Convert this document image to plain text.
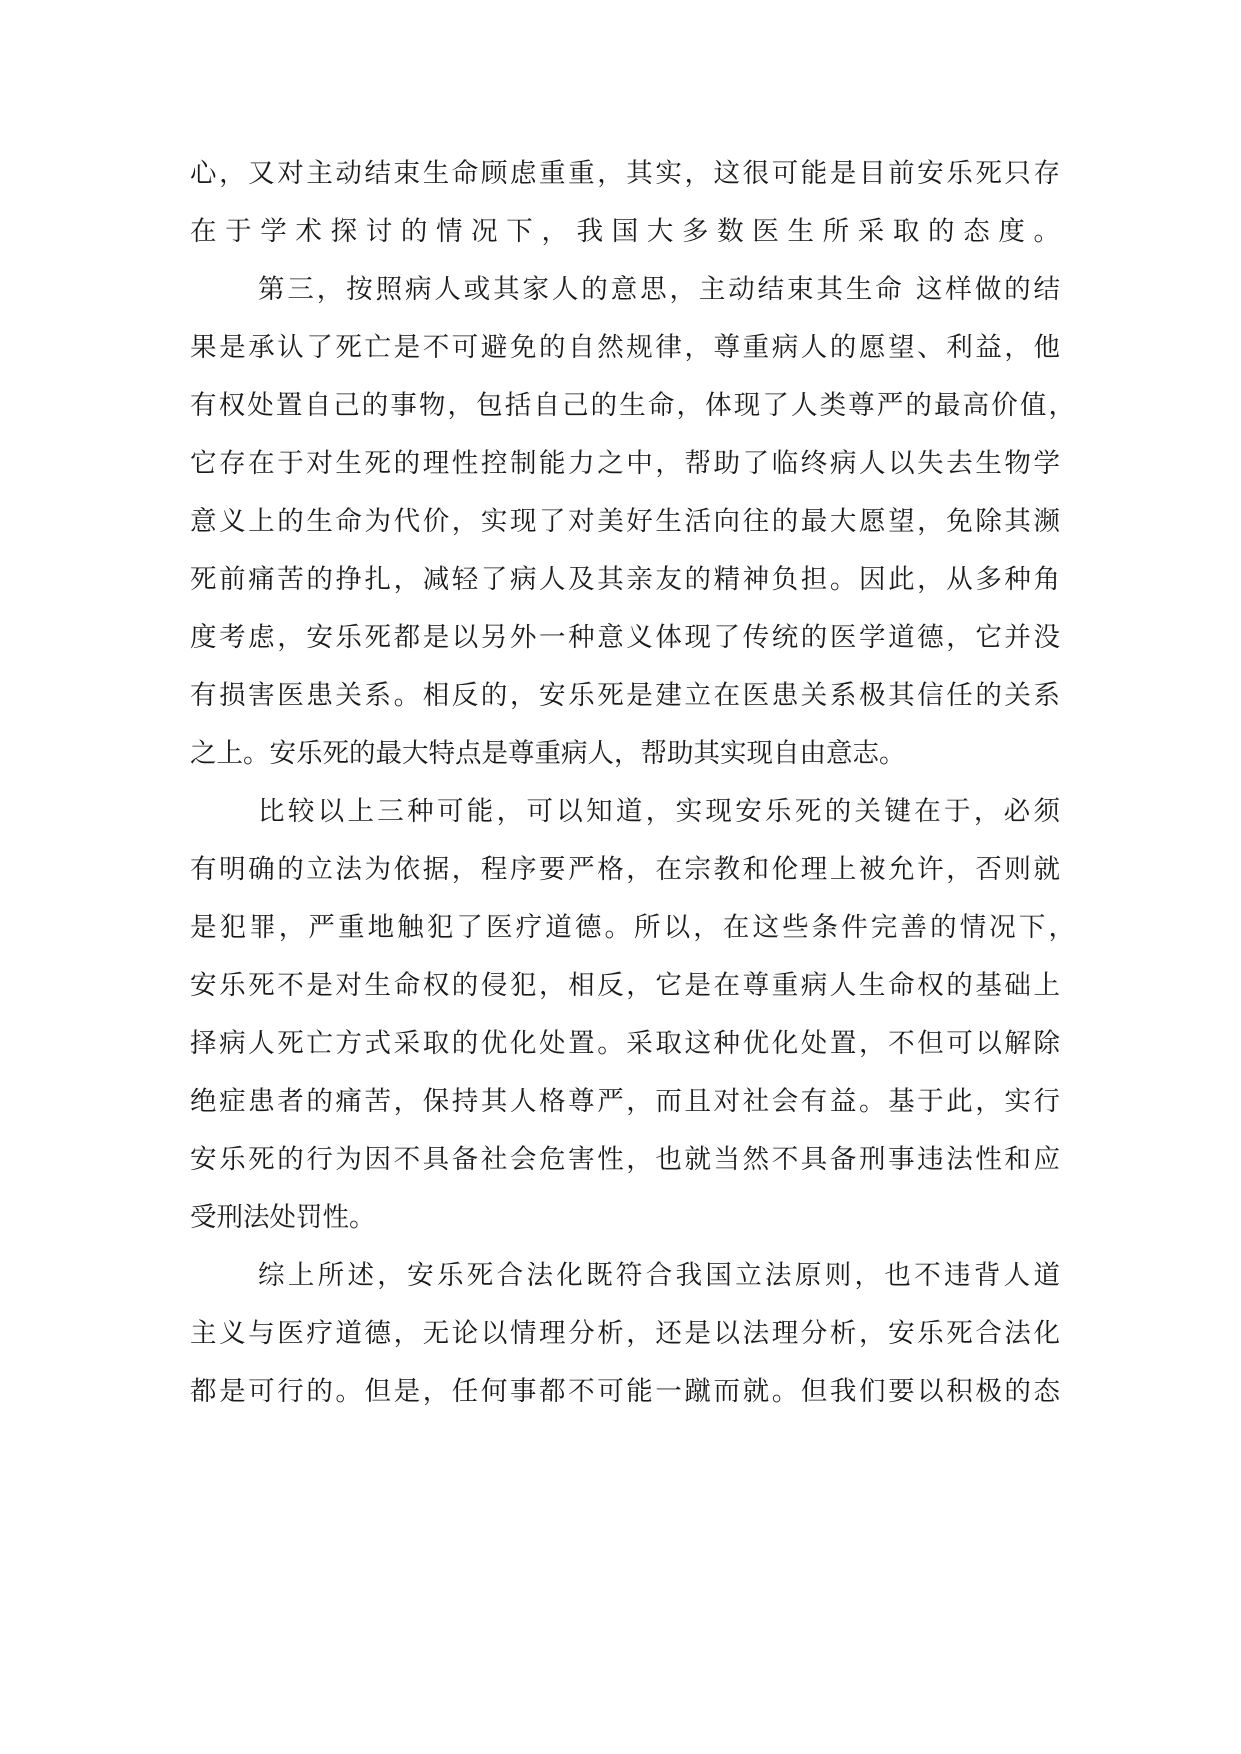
心，又对主动结束生命顾虑重重，其实，这很可能是目前安乐死只存
在于学术探讨的情况下，我国大多数医生所采取的态度。
第三，按照病人或其家人的意思，主动结束其生命 这样做的结
果是承认了死亡是不可避免的自然规律，尊重病人的愿望、利益，他
有权处置自己的事物，包括自己的生命，体现了人类尊严的最高价值，
它存在于对生死的理性控制能力之中，帮助了临终病人以失去生物学
意义上的生命为代价，实现了对美好生活向往的最大愿望，免除其濒
死前痛苦的挣扎，减轻了病人及其亲友的精神负担。因此，从多种角
度考虑，安乐死都是以另外一种意义体现了传统的医学道德，它并没
有损害医患关系。相反的，安乐死是建立在医患关系极其信任的关系
之上。安乐死的最大特点是尊重病人，帮助其实现自由意志。
比较以上三种可能，可以知道，实现安乐死的关键在于，必须
有明确的立法为依据，程序要严格，在宗教和伦理上被允许，否则就
是犯罪，严重地触犯了医疗道德。所以，在这些条件完善的情况下，
安乐死不是对生命权的侵犯，相反，它是在尊重病人生命权的基础上
择病人死亡方式采取的优化处置。采取这种优化处置，不但可以解除
绝症患者的痛苦，保持其人格尊严，而且对社会有益。基于此，实行
安乐死的行为因不具备社会危害性，也就当然不具备刑事违法性和应
受刑法处罚性。
综上所述，安乐死合法化既符合我国立法原则，也不违背人道
主义与医疗道德，无论以情理分析，还是以法理分析，安乐死合法化
都是可行的。但是，任何事都不可能一蹴而就。但我们要以积极的态
